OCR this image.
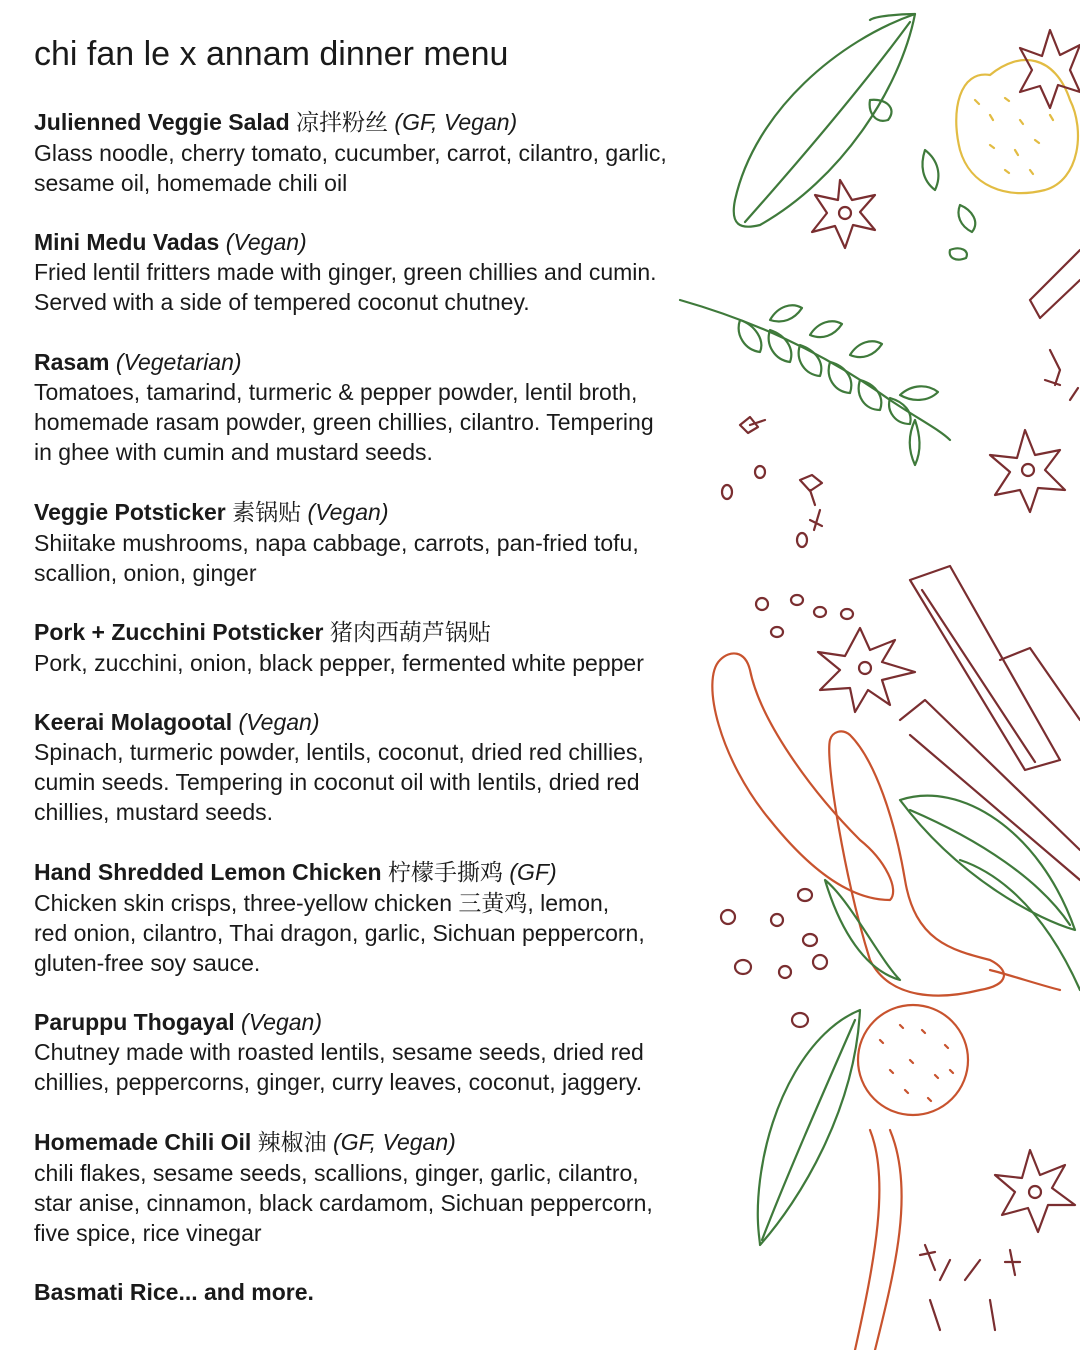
chi fan le x annam dinner menu

Julienned Veggie Salad 凉拌粉丝 (GF, Vegan)

Glass noodle, cherry tomato, cucumber, carrot, cilantro, garlic,
sesame oil, homemade chili oil

Mini Medu Vadas (Vegan)

Fried lentil fritters made with ginger, green chillies and cumin.
Served with a side of tempered coconut chutney.

Rasam (Vegetarian)

Tomatoes, tamarind, turmeric & pepper powder, lentil broth,
homemade rasam powder, green chillies, cilantro. Tempering
in ghee with cumin and mustard seeds.

Veggie Potsticker 素锅贴 (Vegan)

Shiitake mushrooms, napa cabbage, carrots, pan-fried tofu,
scallion, onion, ginger

Pork + Zucchini Potsticker 猪肉西葫芦锅贴

Pork, zucchini, onion, black pepper, fermented white pepper

Keerai Molagootal (Vegan)

Spinach, turmeric powder, lentils, coconut, dried red chillies,
cumin seeds. Tempering in coconut oil with lentils, dried red
chillies, mustard seeds.

Hand Shredded Lemon Chicken 柠檬手撕鸡 (GF)

Chicken skin crisps, three-yellow chicken 三黄鸡, lemon,
red onion, cilantro, Thai dragon, garlic, Sichuan peppercorn,
gluten-free soy sauce.

Paruppu Thogayal (Vegan)

Chutney made with roasted lentils, sesame seeds, dried red
chillies, peppercorns, ginger, curry leaves, coconut, jaggery.

Homemade Chili Oil 辣椒油 (GF, Vegan)

chili flakes, sesame seeds, scallions, ginger, garlic, cilantro,
star anise, cinnamon, black cardamom, Sichuan peppercorn,
five spice, rice vinegar

Basmati Rice... and more.
